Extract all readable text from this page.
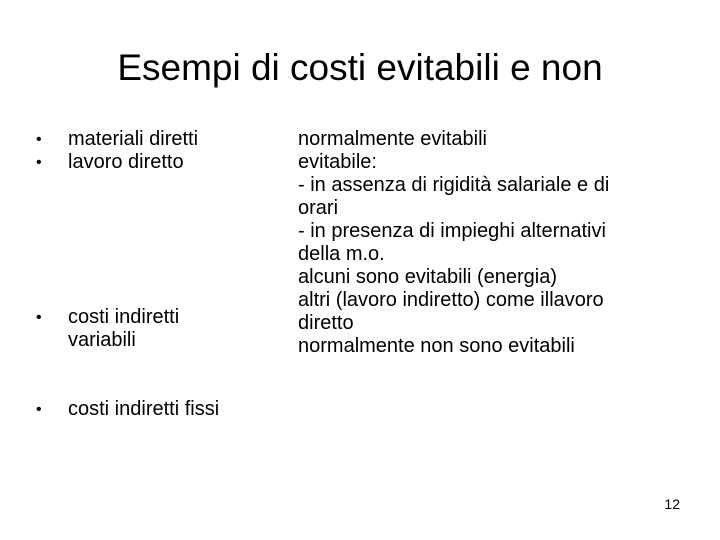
Esempi di costi evitabili e non
•	materiali diretti
•	lavoro diretto
•	costi indiretti
variabili
•	costi indiretti fissi
normalmente evitabili
evitabile:
- in assenza di rigidità salariale e di
orari
- in presenza di impieghi alternativi
della m.o.
alcuni sono evitabili (energia)
altri (lavoro indiretto) come illavoro
diretto
normalmente non sono evitabili
12
